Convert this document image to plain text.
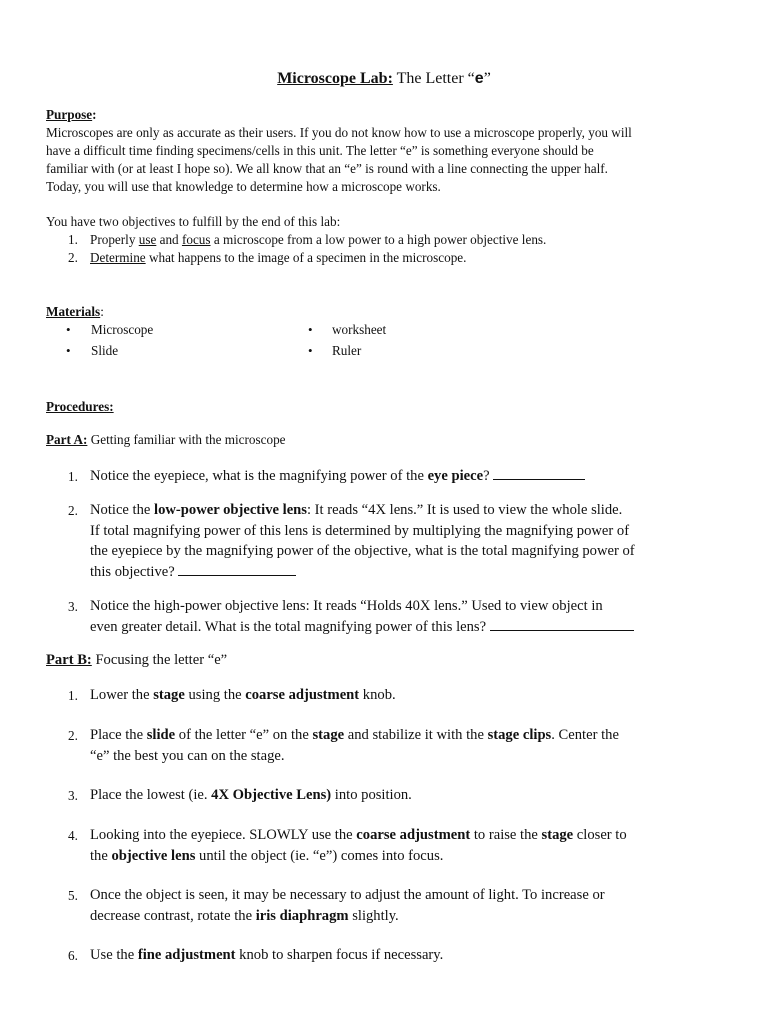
Microscope Lab: The Letter “e”
Purpose:
Microscopes are only as accurate as their users. If you do not know how to use a microscope properly, you will
have a difficult time finding specimens/cells in this unit. The letter “e” is something everyone should be
familiar with (or at least I hope so). We all know that an “e” is round with a line connecting the upper half.
Today, you will use that knowledge to determine how a microscope works.
You have two objectives to fulfill by the end of this lab:
1. Properly use and focus a microscope from a low power to a high power objective lens.
2. Determine what happens to the image of a specimen in the microscope.
Materials:
• Microscope	• worksheet
• Slide	• Ruler
Procedures:
Part A: Getting familiar with the microscope
1. Notice the eyepiece, what is the magnifying power of the eye piece?
2. Notice the low-power objective lens: It reads “4X lens.” It is used to view the whole slide.
If total magnifying power of this lens is determined by multiplying the magnifying power of
the eyepiece by the magnifying power of the objective, what is the total magnifying power of
this objective?
3. Notice the high-power objective lens: It reads “Holds 40X lens.” Used to view object in
even greater detail. What is the total magnifying power of this lens?
Part B: Focusing the letter “e”
1. Lower the stage using the coarse adjustment knob.
2. Place the slide of the letter “e” on the stage and stabilize it with the stage clips. Center the
“e” the best you can on the stage.
3. Place the lowest (ie. 4X Objective Lens) into position.
4. Looking into the eyepiece. SLOWLY use the coarse adjustment to raise the stage closer to
the objective lens until the object (ie. “e”) comes into focus.
5. Once the object is seen, it may be necessary to adjust the amount of light. To increase or
decrease contrast, rotate the iris diaphragm slightly.
6. Use the fine adjustment knob to sharpen focus if necessary.
